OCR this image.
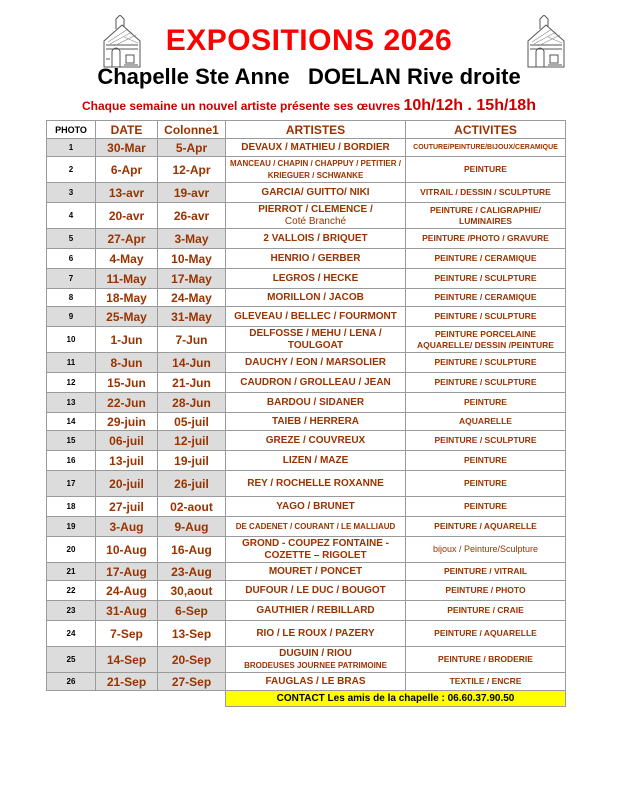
EXPOSITIONS 2026
Chapelle Ste Anne   DOELAN Rive droite
Chaque semaine un nouvel artiste présente ses œuvres 10h/12h . 15h/18h
PHOTO	DATE	Colonne1	ARTISTES	ACTIVITES
1	30-Mar	5-Apr	DEVAUX / MATHIEU / BORDIER	COUTURE/PEINTURE/BIJOUX/CERAMIQUE
2	6-Apr	12-Apr	MANCEAU / CHAPIN / CHAPPUY / PETITIER / KRIEGUER / SCHWANKE	PEINTURE
3	13-avr	19-avr	GARCIA/ GUITTO/ NIKI	VITRAIL / DESSIN / SCULPTURE
4	20-avr	26-avr	PIERROT / CLEMENCE /
Coté Branché	PEINTURE / CALIGRAPHIE/ LUMINAIRES
5	27-Apr	3-May	2 VALLOIS / BRIQUET	PEINTURE /PHOTO / GRAVURE
6	4-May	10-May	HENRIO / GERBER	PEINTURE / CERAMIQUE
7	11-May	17-May	LEGROS / HECKE	PEINTURE / SCULPTURE
8	18-May	24-May	MORILLON / JACOB	PEINTURE / CERAMIQUE
9	25-May	31-May	GLEVEAU / BELLEC / FOURMONT	PEINTURE / SCULPTURE
10	1-Jun	7-Jun	DELFOSSE / MEHU / LENA / TOULGOAT	PEINTURE PORCELAINE AQUARELLE/ DESSIN /PEINTURE
11	8-Jun	14-Jun	DAUCHY / EON / MARSOLIER	PEINTURE / SCULPTURE
12	15-Jun	21-Jun	CAUDRON / GROLLEAU / JEAN	PEINTURE / SCULPTURE
13	22-Jun	28-Jun	BARDOU / SIDANER	PEINTURE
14	29-juin	05-juil	TAIEB / HERRERA	AQUARELLE
15	06-juil	12-juil	GREZE / COUVREUX	PEINTURE / SCULPTURE
16	13-juil	19-juil	LIZEN / MAZE	PEINTURE
17	20-juil	26-juil	REY / ROCHELLE ROXANNE	PEINTURE
18	27-juil	02-aout	YAGO / BRUNET	PEINTURE
19	3-Aug	9-Aug	DE CADENET / COURANT / LE MALLIAUD	PEINTURE / AQUARELLE
20	10-Aug	16-Aug	GROND - COUPEZ FONTAINE - COZETTE – RIGOLET	bijoux / Peinture/Sculpture
21	17-Aug	23-Aug	MOURET / PONCET	PEINTURE / VITRAIL
22	24-Aug	30,aout	DUFOUR / LE DUC / BOUGOT	PEINTURE / PHOTO
23	31-Aug	6-Sep	GAUTHIER / REBILLARD	PEINTURE / CRAIE
24	7-Sep	13-Sep	RIO / LE ROUX / PAZERY	PEINTURE / AQUARELLE
25	14-Sep	20-Sep	DUGUIN / RIOU
BRODEUSES JOURNEE PATRIMOINE	PEINTURE / BRODERIE
26	21-Sep	27-Sep	FAUGLAS / LE BRAS	TEXTILE / ENCRE
			CONTACT Les amis de la chapelle : 06.60.37.90.50	
